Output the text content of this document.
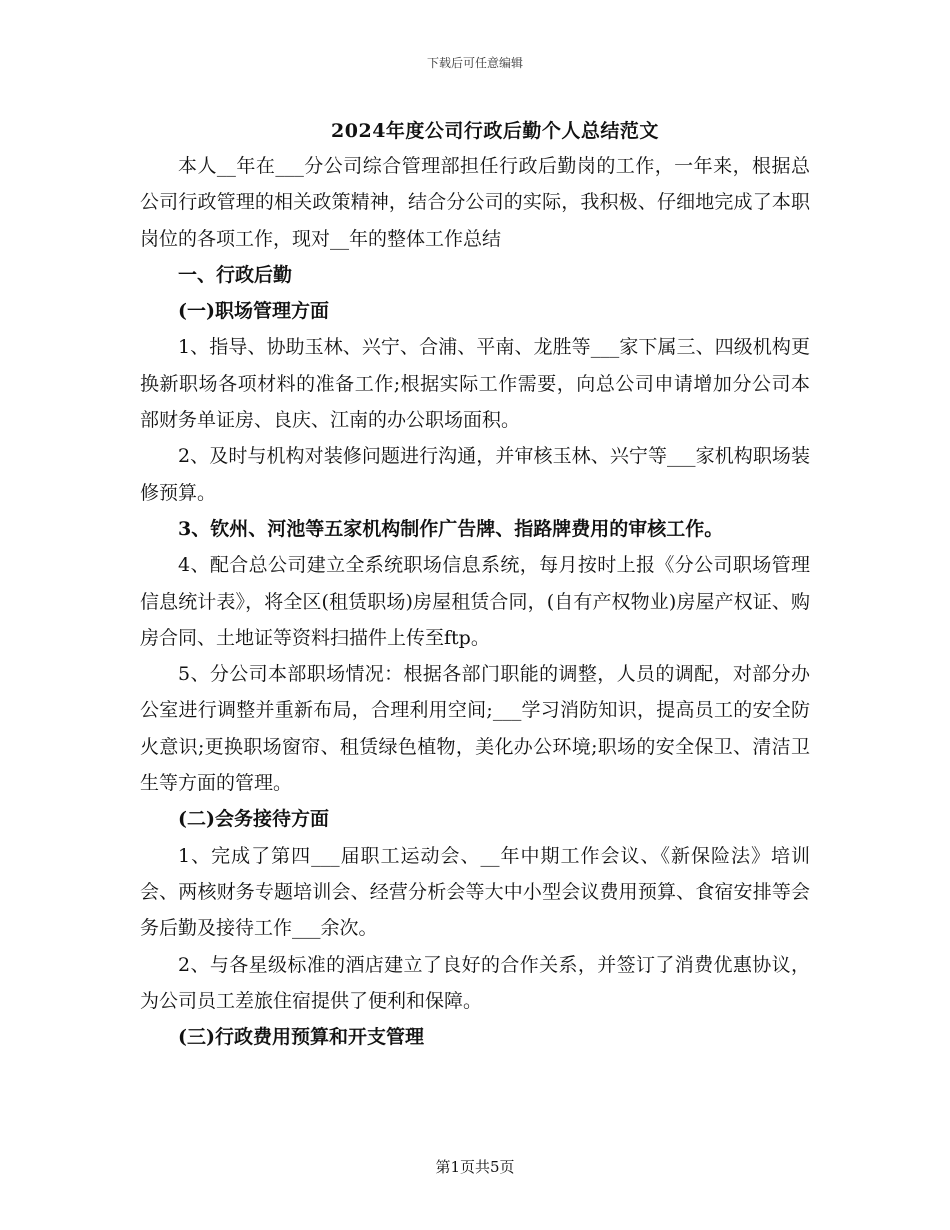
下载后可任意编辑
2024年度公司行政后勤个人总结范文

本人__年在___分公司综合管理部担任行政后勤岗的工作，一年来，根据总公司行政管理的相关政策精神，结合分公司的实际，我积极、仔细地完成了本职岗位的各项工作，现对__年的整体工作总结

一、行政后勤

(一)职场管理方面

1、指导、协助玉林、兴宁、合浦、平南、龙胜等___家下属三、四级机构更换新职场各项材料的准备工作;根据实际工作需要，向总公司申请增加分公司本部财务单证房、良庆、江南的办公职场面积。

2、及时与机构对装修问题进行沟通，并审核玉林、兴宁等___家机构职场装修预算。

3、钦州、河池等五家机构制作广告牌、指路牌费用的审核工作。

4、配合总公司建立全系统职场信息系统，每月按时上报《分公司职场管理信息统计表》，将全区(租赁职场)房屋租赁合同，(自有产权物业)房屋产权证、购房合同、土地证等资料扫描件上传至ftp。

5、分公司本部职场情况：根据各部门职能的调整，人员的调配，对部分办公室进行调整并重新布局，合理利用空间;___学习消防知识，提高员工的安全防火意识;更换职场窗帘、租赁绿色植物，美化办公环境;职场的安全保卫、清洁卫生等方面的管理。

(二)会务接待方面

1、完成了第四___届职工运动会、__年中期工作会议、《新保险法》培训会、两核财务专题培训会、经营分析会等大中小型会议费用预算、食宿安排等会务后勤及接待工作___余次。

2、与各星级标准的酒店建立了良好的合作关系，并签订了消费优惠协议，为公司员工差旅住宿提供了便利和保障。

(三)行政费用预算和开支管理

第1页共5页
